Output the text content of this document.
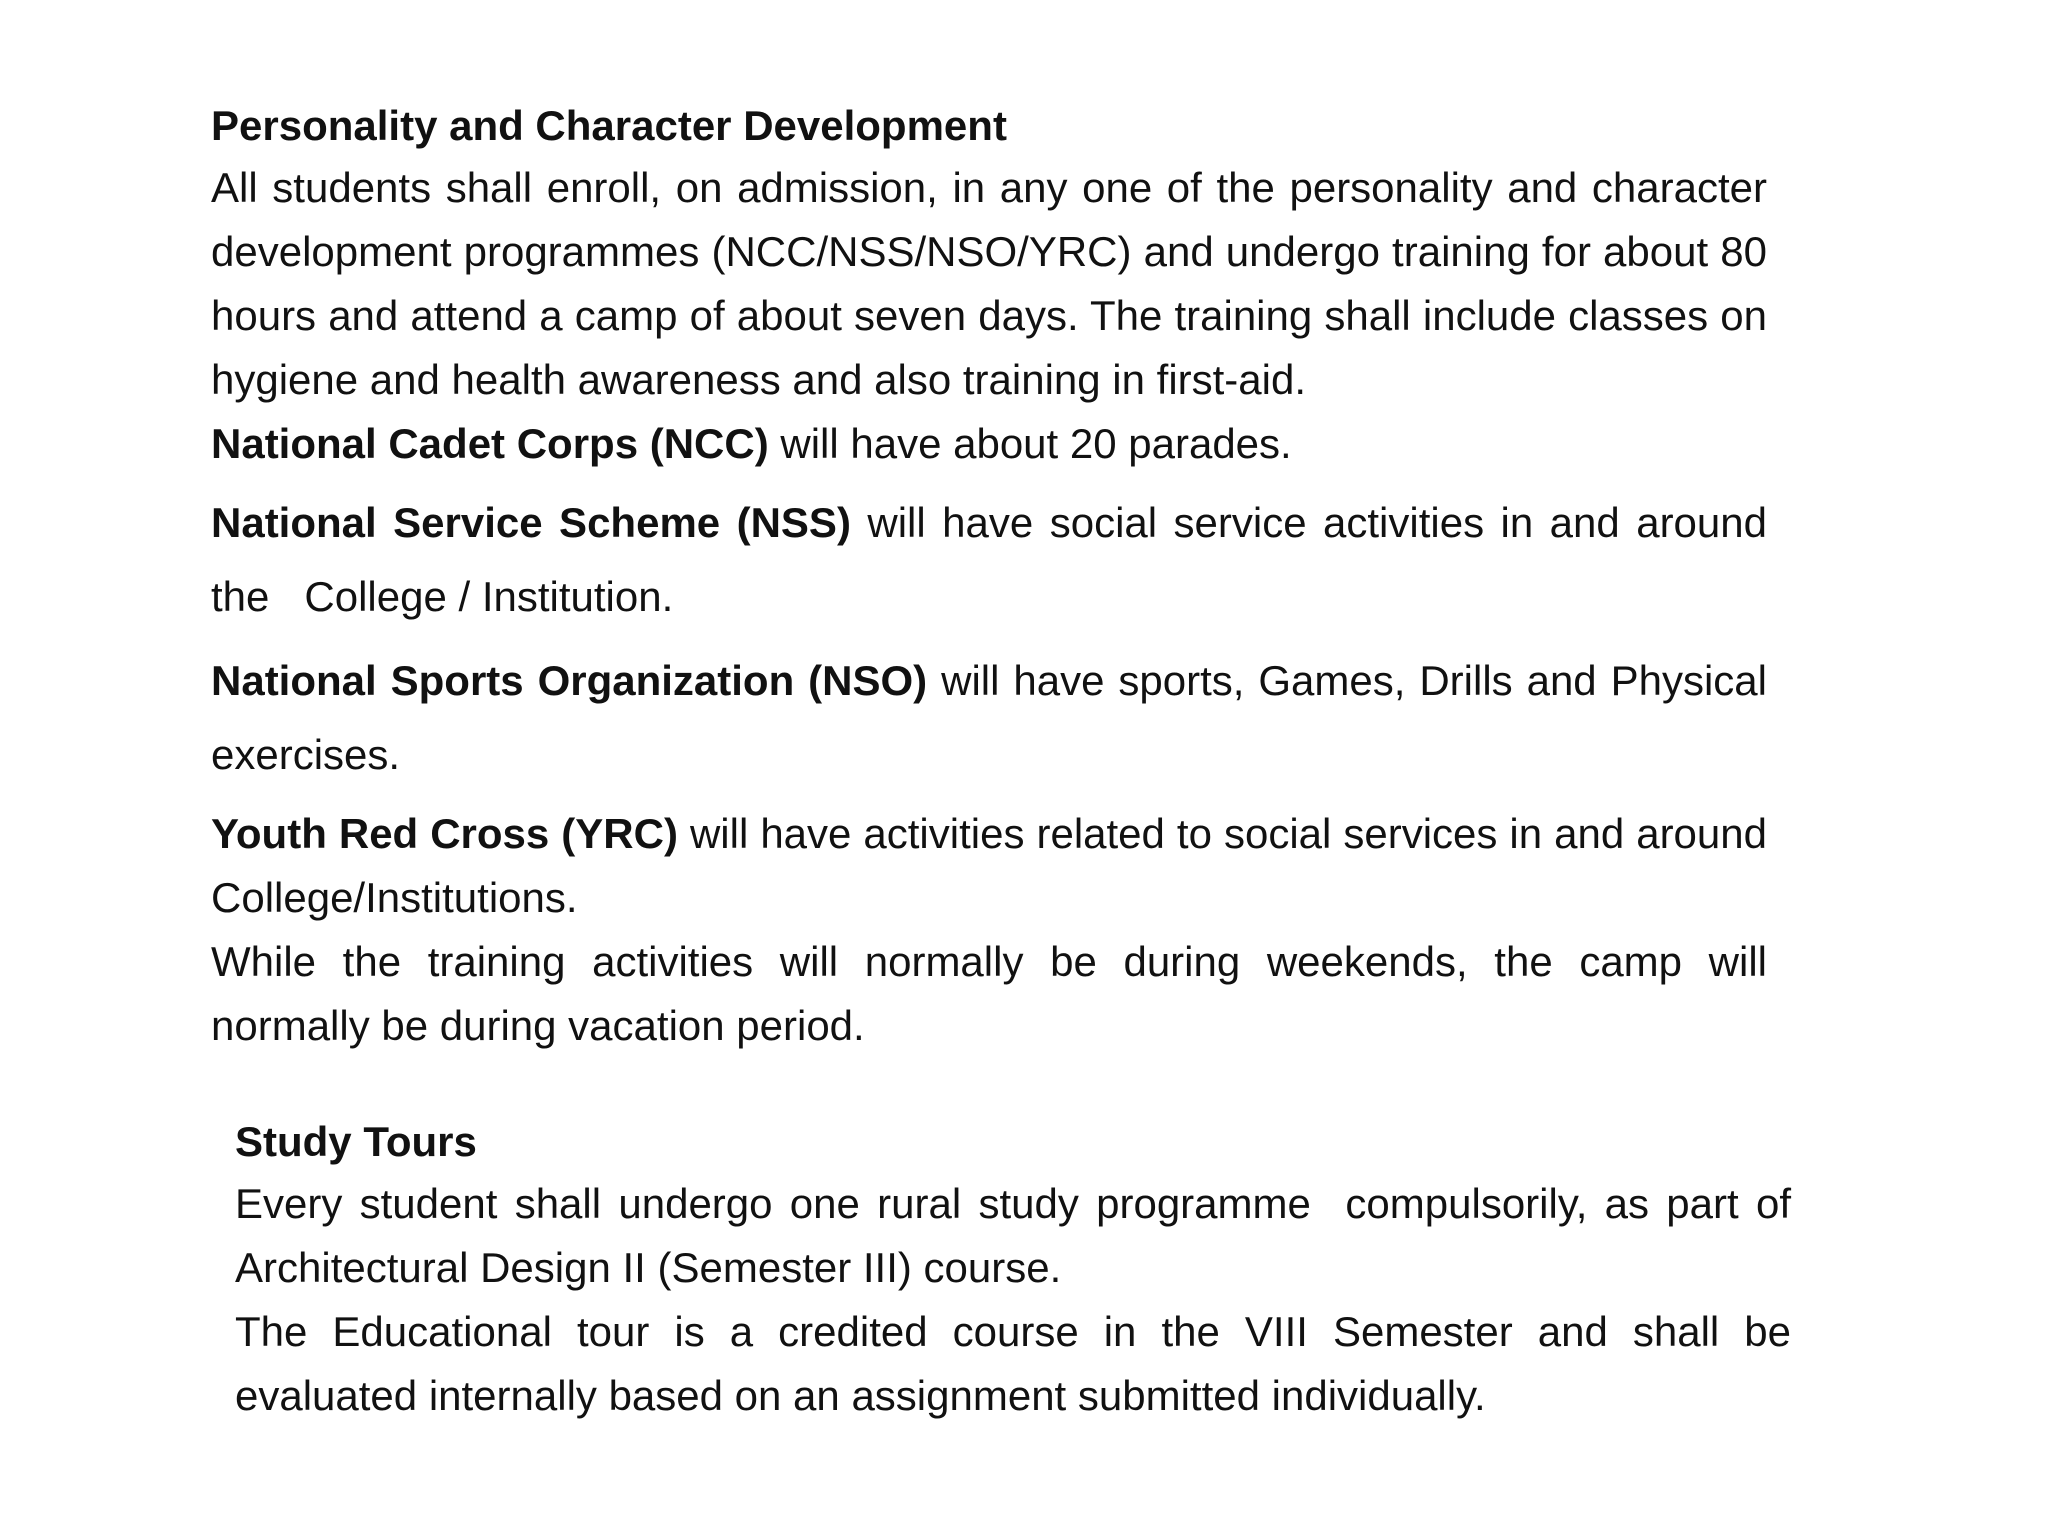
Personality and Character Development

All students shall enroll, on admission, in any one of the personality and character development programmes (NCC/NSS/NSO/YRC) and undergo training for about 80 hours and attend a camp of about seven days. The training shall include classes on hygiene and health awareness and also training in first-aid.

National Cadet Corps (NCC) will have about 20 parades.

National Service Scheme (NSS) will have social service activities in and around the   College / Institution.

National Sports Organization (NSO) will have sports, Games, Drills and Physical exercises.

Youth Red Cross (YRC) will have activities related to social services in and around College/Institutions.

While the training activities will normally be during weekends, the camp will normally be during vacation period.

Study Tours

Every student shall undergo one rural study programme  compulsorily, as part of Architectural Design II (Semester III) course.

The Educational tour is a credited course in the VIII Semester and shall be evaluated internally based on an assignment submitted individually.
